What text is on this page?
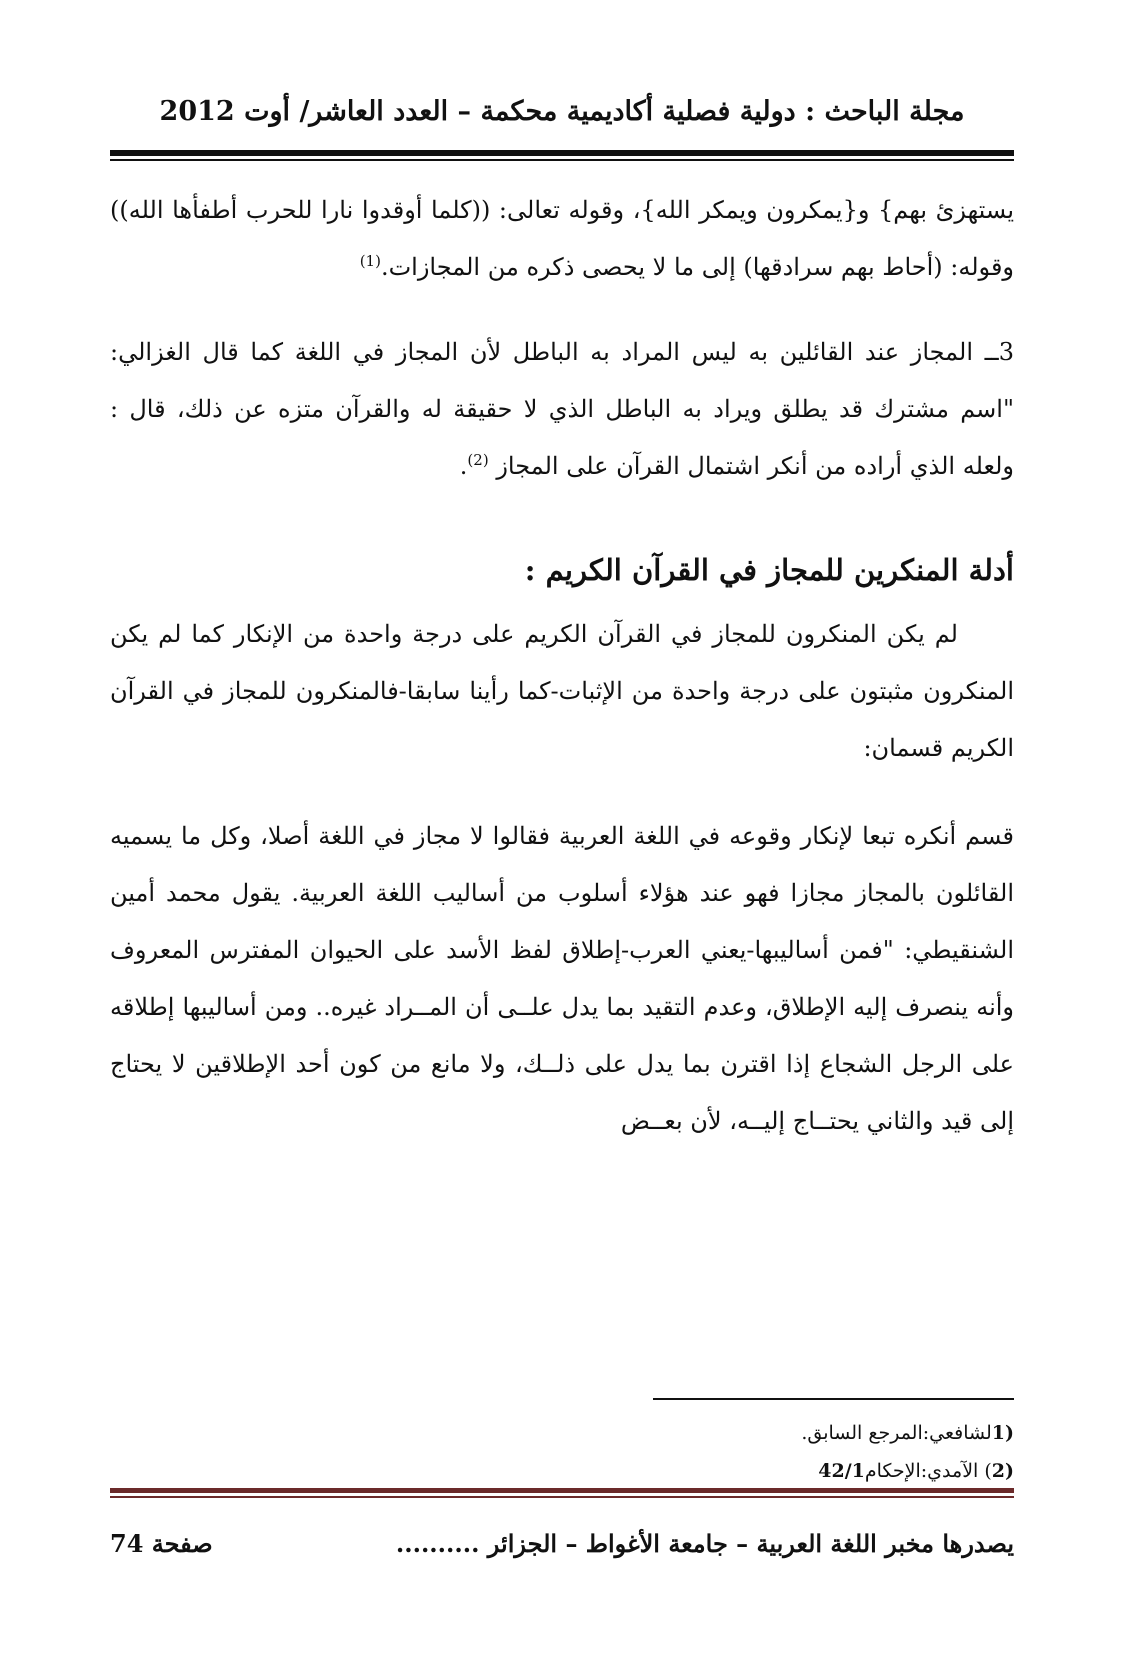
مجلة الباحث : دولية فصلية أكاديمية محكمة – العدد العاشر/ أوت 2012

يستهزئ بهم} و{يمكرون ويمكر الله}، وقوله تعالى: ((كلما أوقدوا نارا للحرب أطفأها الله)) وقوله: (أحاط بهم سرادقها) إلى ما لا يحصى ذكره من المجازات.$^{(1)}$

3ــ المجاز عند القائلين به ليس المراد به الباطل لأن المجاز في اللغة كما قال الغزالي: "اسم مشترك قد يطلق ويراد به الباطل الذي لا حقيقة له والقرآن متزه عن ذلك، قال : ولعله الذي أراده من أنكر اشتمال القرآن على المجاز $^{(2)}$.

أدلة المنكرين للمجاز في القرآن الكريم :

لم يكن المنكرون للمجاز في القرآن الكريم على درجة واحدة من الإنكار كما لم يكن المنكرون مثبتون على درجة واحدة من الإثبات-كما رأينا سابقا-فالمنكرون للمجاز في القرآن الكريم قسمان:

قسم أنكره تبعا لإنكار وقوعه في اللغة العربية فقالوا لا مجاز في اللغة أصلا، وكل ما يسميه القائلون بالمجاز مجازا فهو عند هؤلاء أسلوب من أساليب اللغة العربية. يقول محمد أمين الشنقيطي: "فمن أساليبها-يعني العرب-إطلاق لفظ الأسد على الحيوان المفترس المعروف وأنه ينصرف إليه الإطلاق، وعدم التقيد بما يدل علــى أن المــراد غيره.. ومن أساليبها إطلاقه على الرجل الشجاع إذا اقترن بما يدل على ذلــك، ولا مانع من كون أحد الإطلاقين لا يحتاج إلى قيد والثاني يحتــاج إليــه، لأن بعــض

(1لشافعي:المرجع السابق.

(2) الآمدي:الإحكام42/1

صفحة 74	يصدرها مخبر اللغة العربية – جامعة الأغواط – الجزائر ..........
